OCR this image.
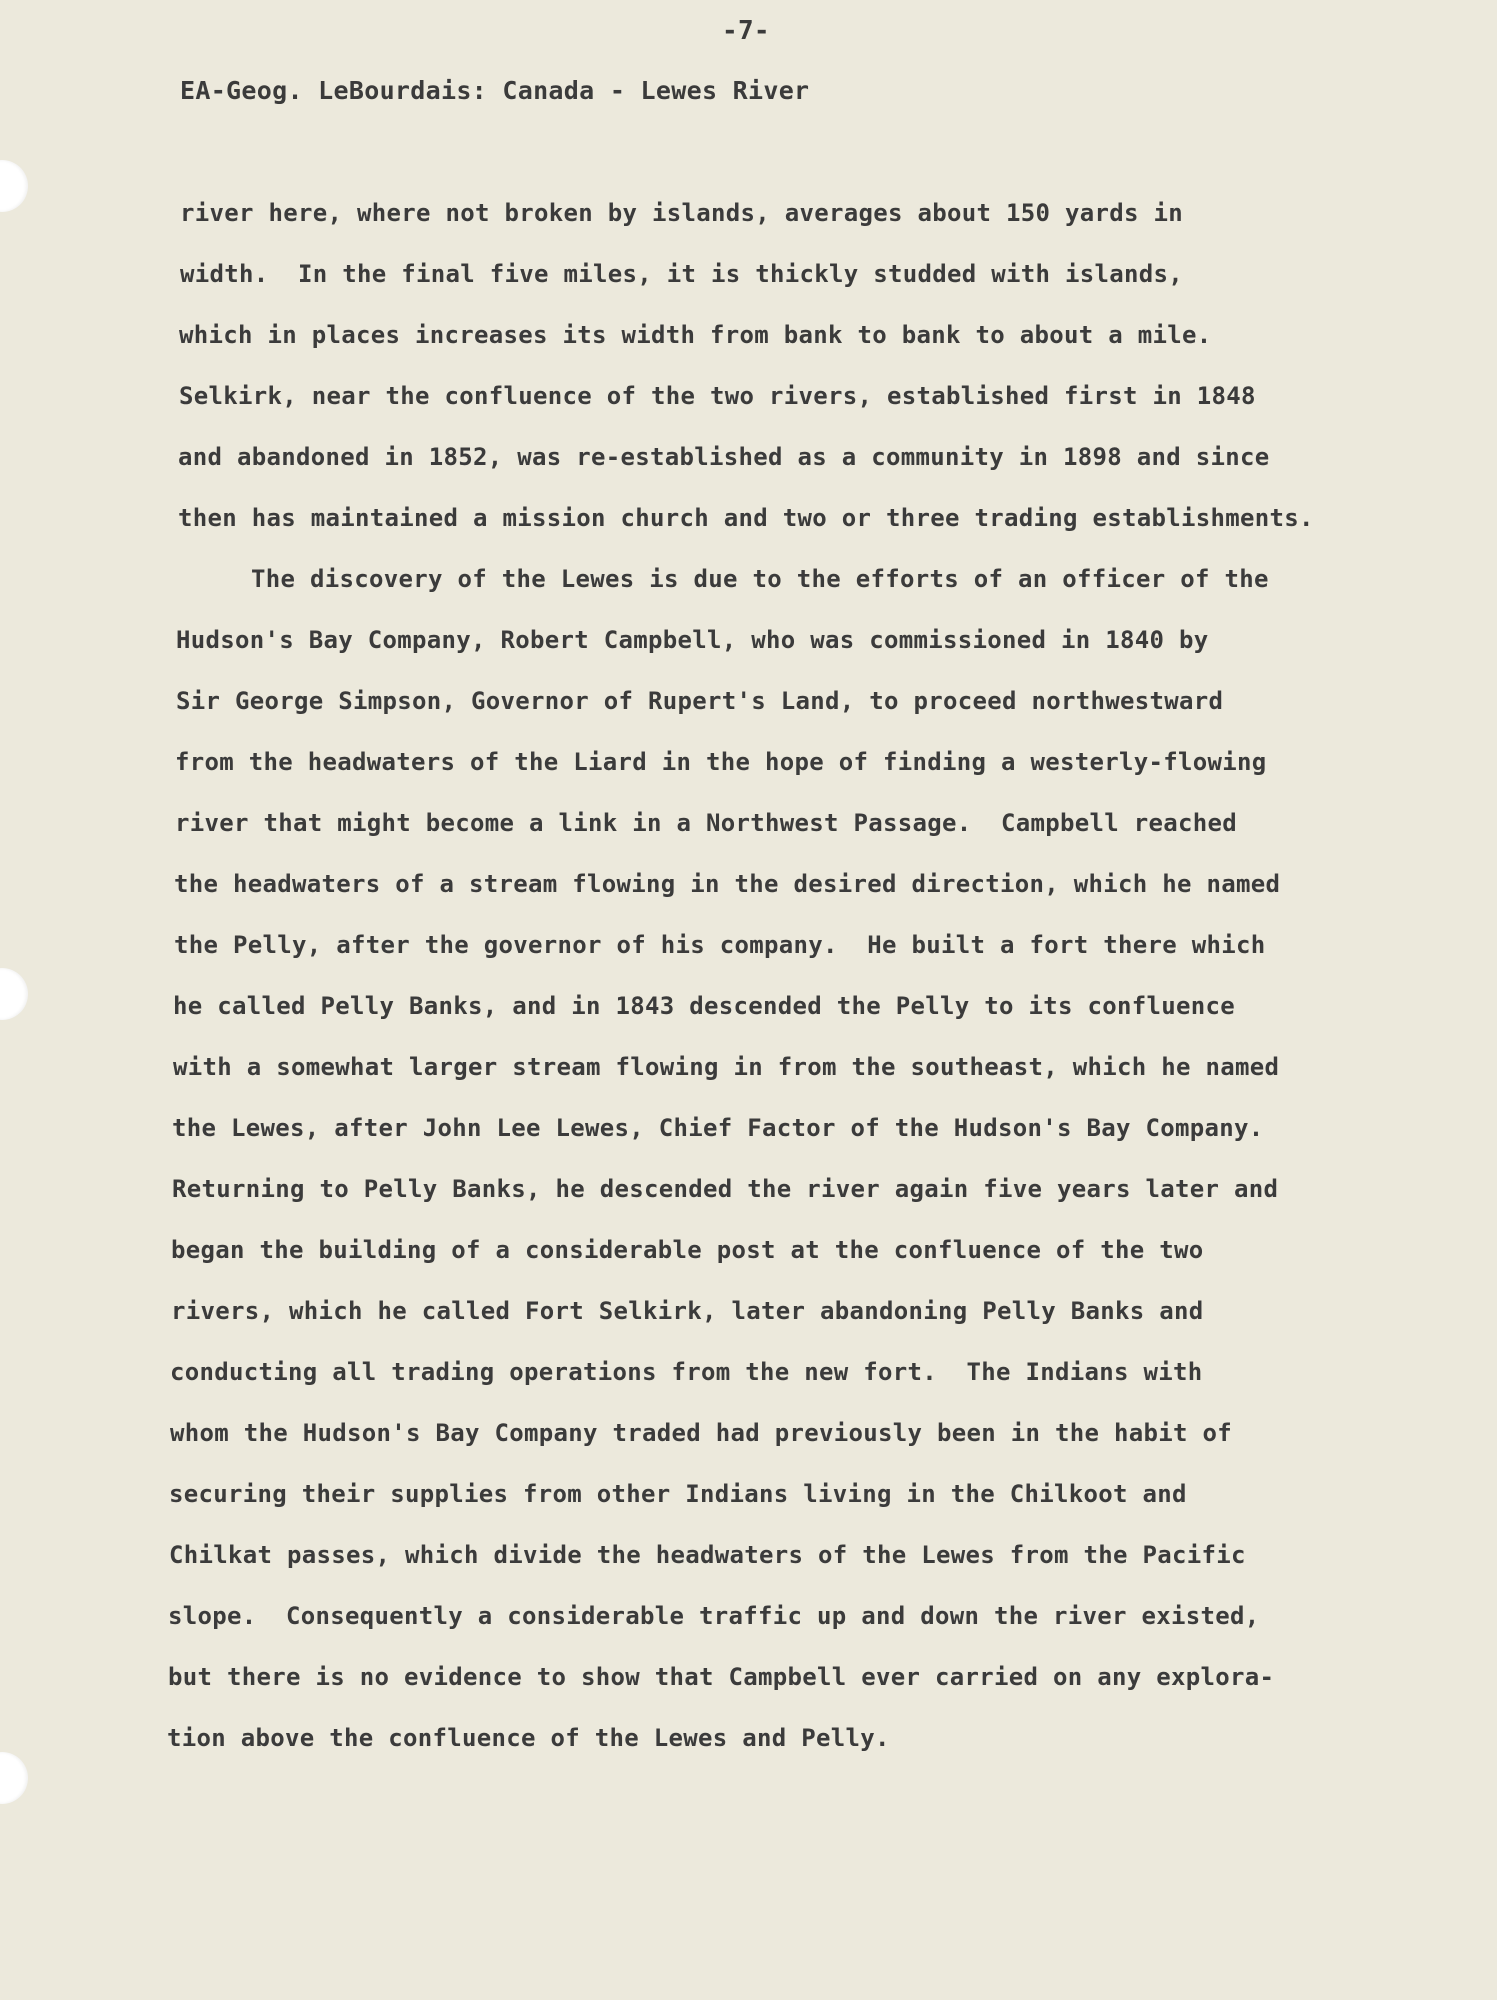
-7-
EA-Geog. LeBourdais: Canada - Lewes River
river here, where not broken by islands, averages about 150 yards in
width.  In the final five miles, it is thickly studded with islands,
which in places increases its width from bank to bank to about a mile.
Selkirk, near the confluence of the two rivers, established first in 1848
and abandoned in 1852, was re-established as a community in 1898 and since
then has maintained a mission church and two or three trading establishments.
The discovery of the Lewes is due to the efforts of an officer of the
Hudson's Bay Company, Robert Campbell, who was commissioned in 1840 by
Sir George Simpson, Governor of Rupert's Land, to proceed northwestward
from the headwaters of the Liard in the hope of finding a westerly-flowing
river that might become a link in a Northwest Passage.  Campbell reached
the headwaters of a stream flowing in the desired direction, which he named
the Pelly, after the governor of his company.  He built a fort there which
he called Pelly Banks, and in 1843 descended the Pelly to its confluence
with a somewhat larger stream flowing in from the southeast, which he named
the Lewes, after John Lee Lewes, Chief Factor of the Hudson's Bay Company.
Returning to Pelly Banks, he descended the river again five years later and
began the building of a considerable post at the confluence of the two
rivers, which he called Fort Selkirk, later abandoning Pelly Banks and
conducting all trading operations from the new fort.  The Indians with
whom the Hudson's Bay Company traded had previously been in the habit of
securing their supplies from other Indians living in the Chilkoot and
Chilkat passes, which divide the headwaters of the Lewes from the Pacific
slope.  Consequently a considerable traffic up and down the river existed,
but there is no evidence to show that Campbell ever carried on any explora-
tion above the confluence of the Lewes and Pelly.
